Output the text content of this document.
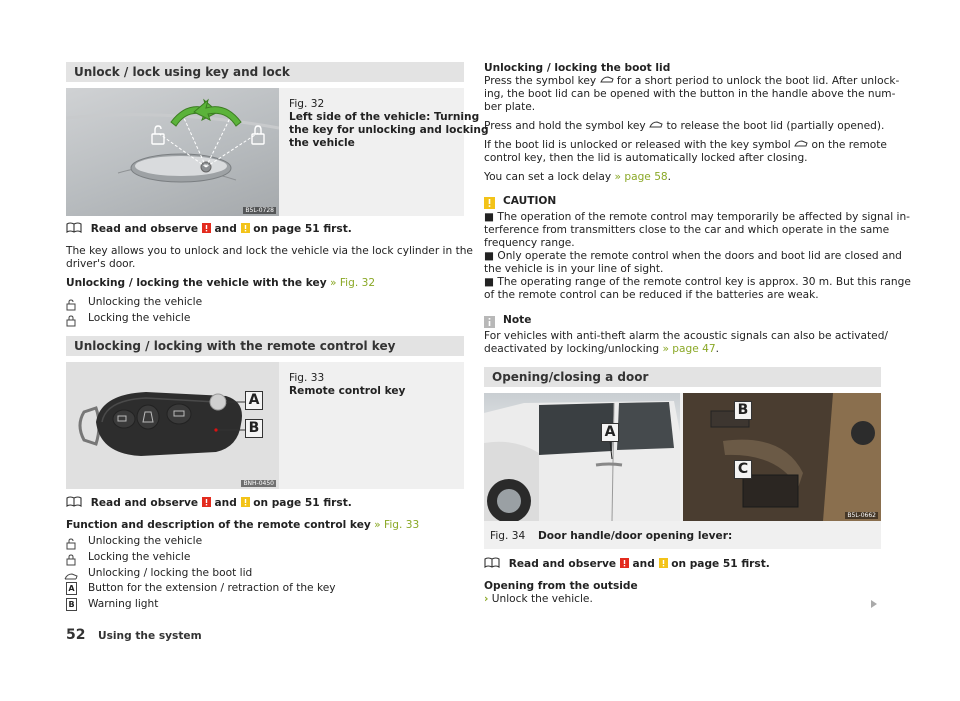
Unlock / lock using key and lock
B5L-0728
Fig. 32
Left side of the vehicle: Turning
the key for unlocking and locking
the vehicle
Read and observe and on page 51 first.
The key allows you to unlock and lock the vehicle via the lock cylinder in the
driver's door.
Unlocking / locking the vehicle with the key » Fig. 32
Unlocking the vehicle
Locking the vehicle
Unlocking / locking with the remote control key
A
B
BNH-0450
Fig. 33
Remote control key
Read and observe and on page 51 first.
Function and description of the remote control key » Fig. 33
Unlocking the vehicle
Locking the vehicle
Unlocking / locking the boot lid
A Button for the extension / retraction of the key
B Warning light
Unlocking / locking the boot lid
Press the symbol key for a short period to unlock the boot lid. After unlock-
ing, the boot lid can be opened with the button in the handle above the num-
ber plate.
Press and hold the symbol key to release the boot lid (partially opened).
If the boot lid is unlocked or released with the key symbol on the remote
control key, then the lid is automatically locked after closing.
You can set a lock delay » page 58.
CAUTION
■ The operation of the remote control may temporarily be affected by signal in-
terference from transmitters close to the car and which operate in the same
frequency range.
■ Only operate the remote control when the doors and boot lid are closed and
the vehicle is in your line of sight.
■ The operating range of the remote control key is approx. 30 m. But this range
of the remote control can be reduced if the batteries are weak.
Note
For vehicles with anti-theft alarm the acoustic signals can also be activated/
deactivated by locking/unlocking » page 47.
Opening/closing a door
A
B
C
B5L-0662
Fig. 34 Door handle/door opening lever:
Read and observe and on page 51 first.
Opening from the outside
› Unlock the vehicle.
52 Using the system
